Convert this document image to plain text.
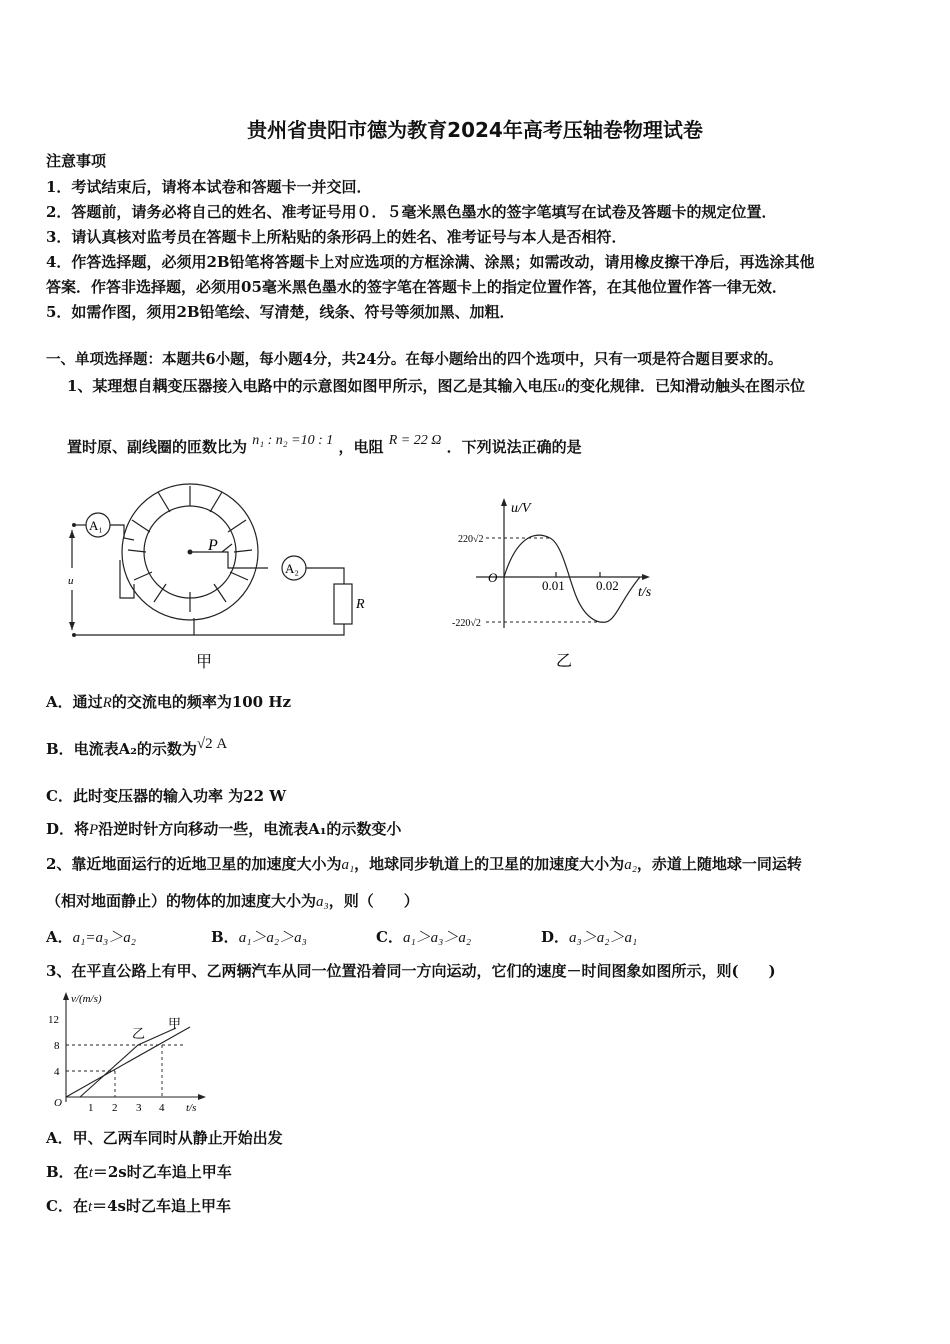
贵州省贵阳市德为教育2024年高考压轴卷物理试卷
注意事项
1．考试结束后，请将本试卷和答题卡一并交回．
2．答题前，请务必将自己的姓名、准考证号用０．５毫米黑色墨水的签字笔填写在试卷及答题卡的规定位置．
3．请认真核对监考员在答题卡上所粘贴的条形码上的姓名、准考证号与本人是否相符．
4．作答选择题，必须用2B铅笔将答题卡上对应选项的方框涂满、涂黑；如需改动，请用橡皮擦干净后，再选涂其他
答案．作答非选择题，必须用05毫米黑色墨水的签字笔在答题卡上的指定位置作答，在其他位置作答一律无效．
5．如需作图，须用2B铅笔绘、写清楚，线条、符号等须加黑、加粗．
一、单项选择题：本题共6小题，每小题4分，共24分。在每小题给出的四个选项中，只有一项是符合题目要求的。
1、某理想自耦变压器接入电路中的示意图如图甲所示，图乙是其输入电压u的变化规律．已知滑动触头在图示位
置时原、副线圈的匝数比为 n₁ : n₂ =10 : 1 ，电阻 R = 22 Ω ．下列说法正确的是
A₁
A₂
P
u
R
甲
u/V
t/s
220√2
-220√2
O
0.01 0.02
乙
A．通过R的交流电的频率为100 Hz
B．电流表A₂的示数为√2 A
C．此时变压器的输入功率 为22 W
D．将P沿逆时针方向移动一些，电流表A₁的示数变小
2、靠近地面运行的近地卫星的加速度大小为a₁，地球同步轨道上的卫星的加速度大小为a₂，赤道上随地球一同运转
（相对地面静止）的物体的加速度大小为a₃，则（　　）
A．a₁=a₃＞a₂	B．a₁＞a₂＞a₃	C．a₁＞a₃＞a₂	D．a₃＞a₂＞a₁
3、在平直公路上有甲、乙两辆汽车从同一位置沿着同一方向运动，它们的速度－时间图象如图所示，则(　　)
v/(m/s)
t/s
O
4
8
12
1 2 3 4
乙
甲
A．甲、乙两车同时从静止开始出发
B．在t＝2s时乙车追上甲车
C．在t＝4s时乙车追上甲车
